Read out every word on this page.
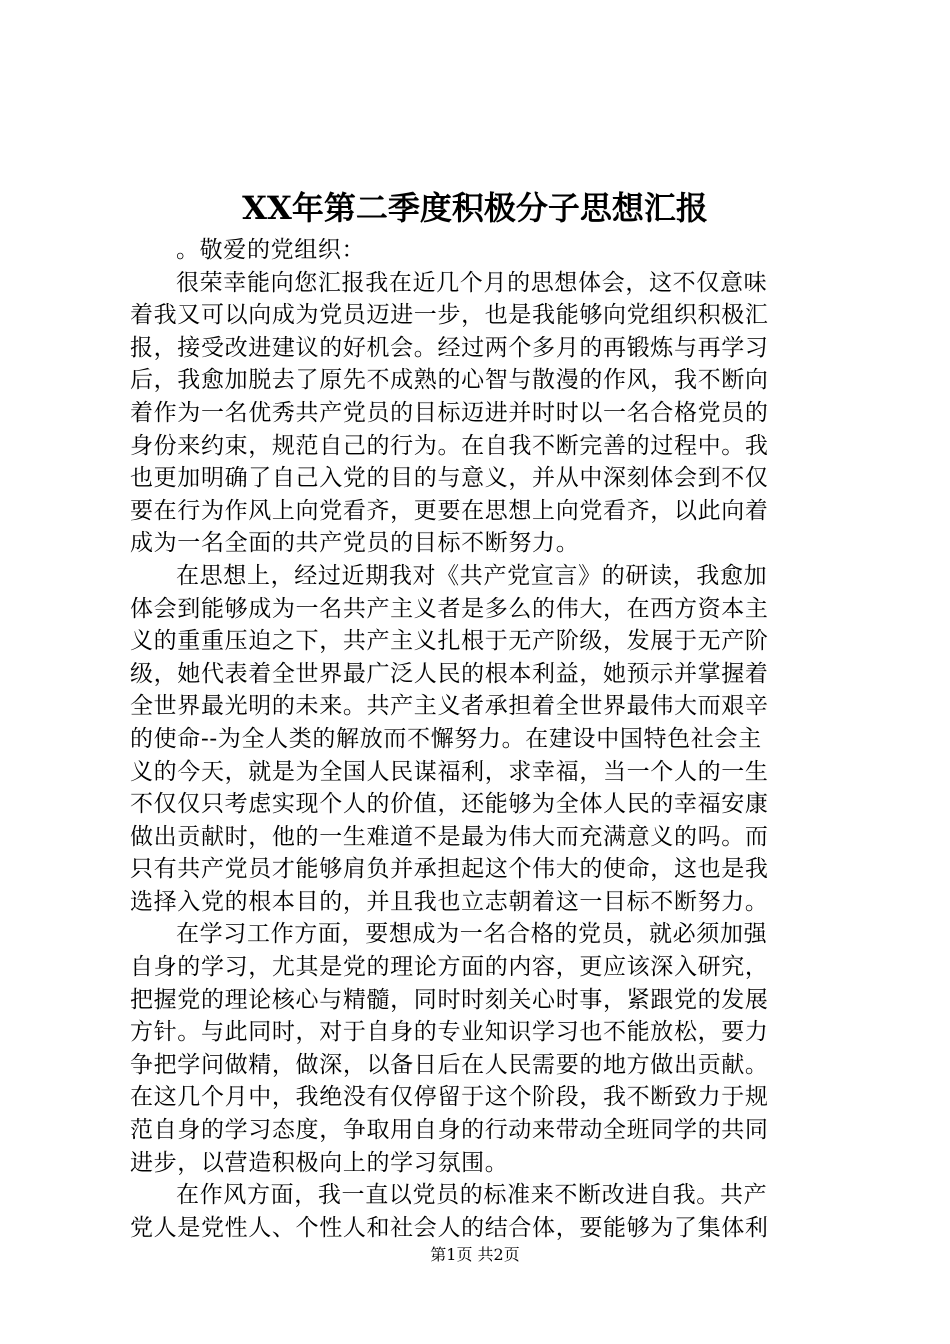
XX年第二季度积极分子思想汇报
。敬爱的党组织：
很荣幸能向您汇报我在近几个月的思想体会，这不仅意味
着我又可以向成为党员迈进一步，也是我能够向党组织积极汇
报，接受改进建议的好机会。经过两个多月的再锻炼与再学习
后，我愈加脱去了原先不成熟的心智与散漫的作风，我不断向
着作为一名优秀共产党员的目标迈进并时时以一名合格党员的
身份来约束，规范自己的行为。在自我不断完善的过程中。我
也更加明确了自己入党的目的与意义，并从中深刻体会到不仅
要在行为作风上向党看齐，更要在思想上向党看齐，以此向着
成为一名全面的共产党员的目标不断努力。
在思想上，经过近期我对《共产党宣言》的研读，我愈加
体会到能够成为一名共产主义者是多么的伟大，在西方资本主
义的重重压迫之下，共产主义扎根于无产阶级，发展于无产阶
级，她代表着全世界最广泛人民的根本利益，她预示并掌握着
全世界最光明的未来。共产主义者承担着全世界最伟大而艰辛
的使命--为全人类的解放而不懈努力。在建设中国特色社会主
义的今天，就是为全国人民谋福利，求幸福，当一个人的一生
不仅仅只考虑实现个人的价值，还能够为全体人民的幸福安康
做出贡献时，他的一生难道不是最为伟大而充满意义的吗。而
只有共产党员才能够肩负并承担起这个伟大的使命，这也是我
选择入党的根本目的，并且我也立志朝着这一目标不断努力。
在学习工作方面，要想成为一名合格的党员，就必须加强
自身的学习，尤其是党的理论方面的内容，更应该深入研究，
把握党的理论核心与精髓，同时时刻关心时事，紧跟党的发展
方针。与此同时，对于自身的专业知识学习也不能放松，要力
争把学问做精，做深，以备日后在人民需要的地方做出贡献。
在这几个月中，我绝没有仅停留于这个阶段，我不断致力于规
范自身的学习态度，争取用自身的行动来带动全班同学的共同
进步，以营造积极向上的学习氛围。
在作风方面，我一直以党员的标准来不断改进自我。共产
党人是党性人、个性人和社会人的结合体，要能够为了集体利
第1页 共2页
